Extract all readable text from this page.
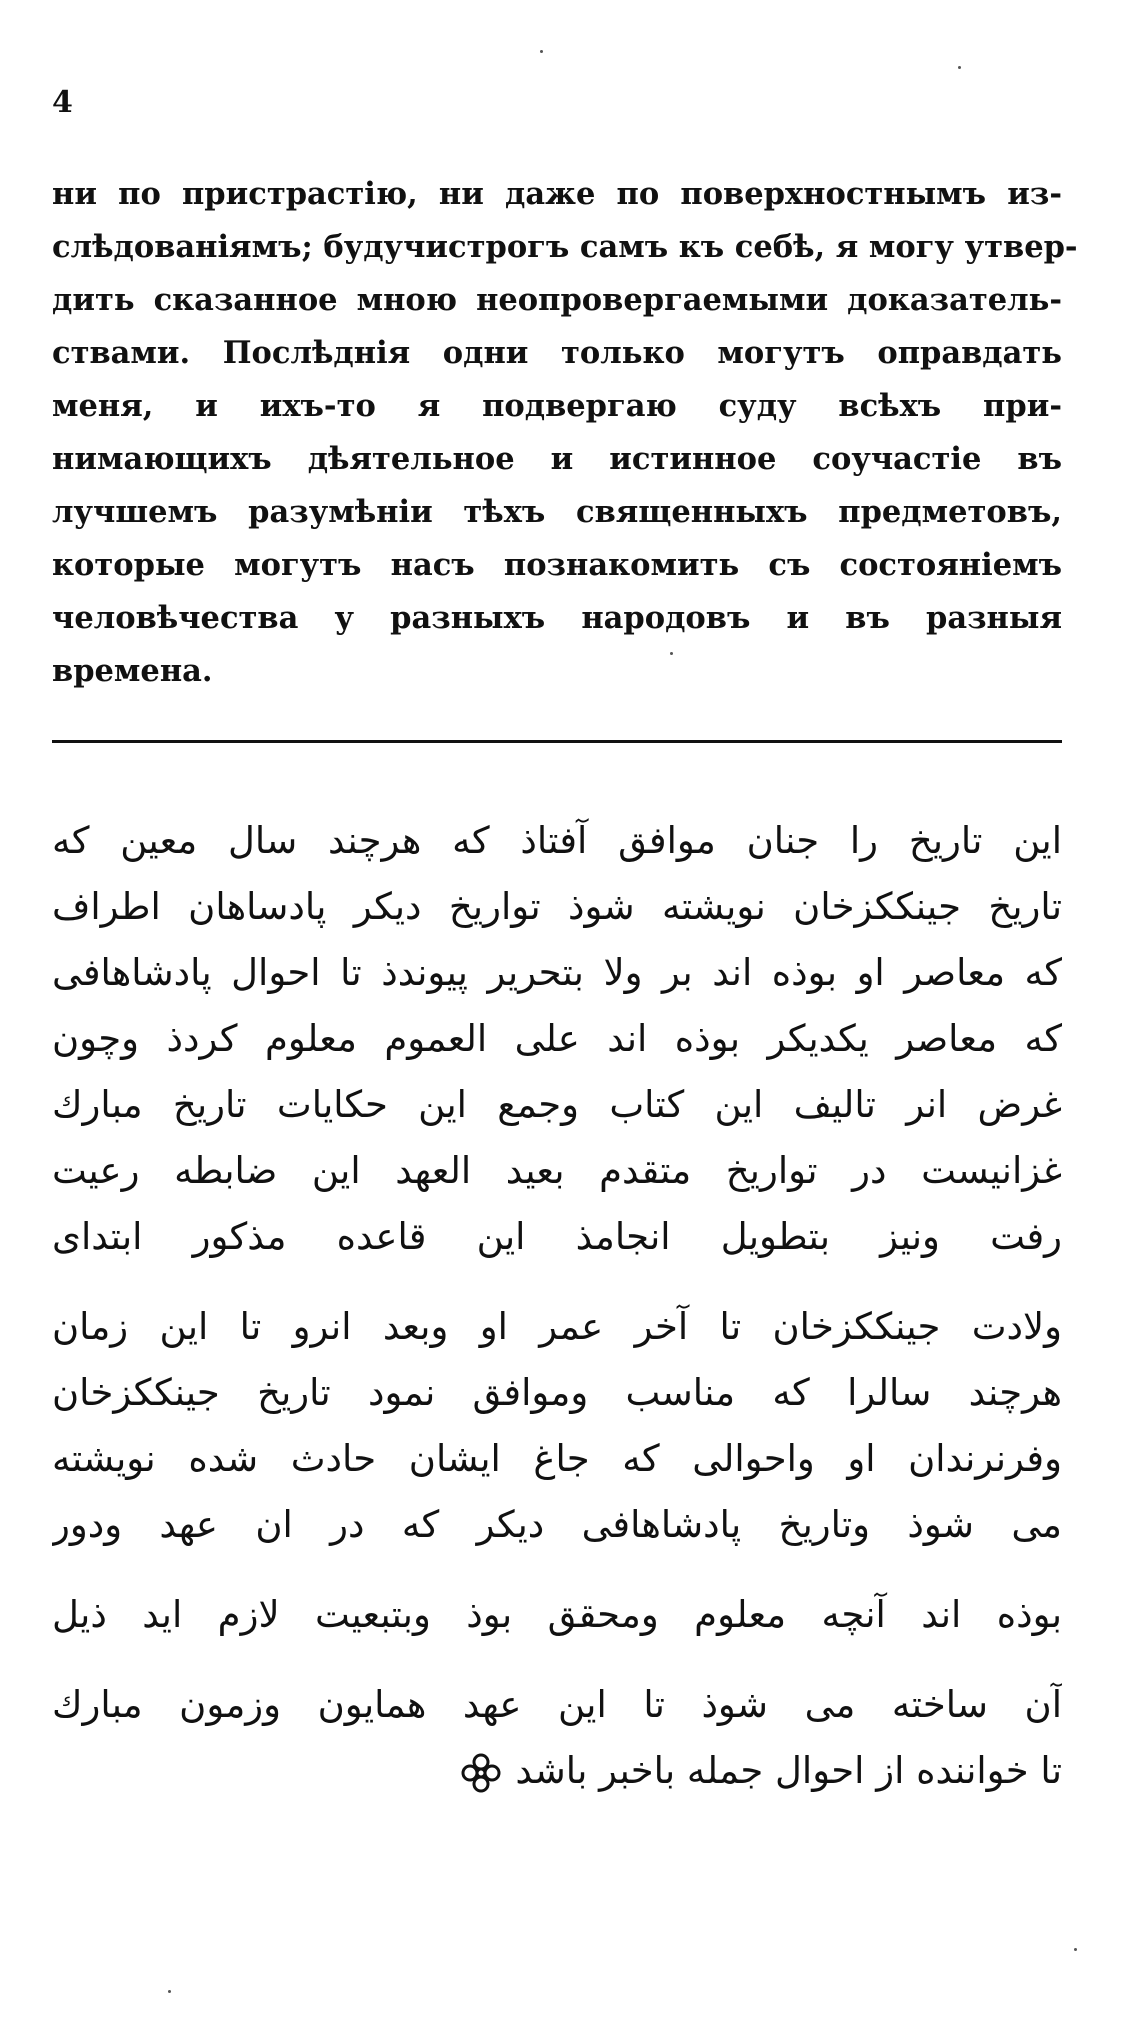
4
ни по пристрастію, ни даже по поверхностнымъ из-
слѣдованіямъ; будучистрогъ самъ къ себѣ, я могу утвер-
дить сказанное мною неопровергаемыми доказатель-
ствами. Послѣднія одни только могутъ оправдать
меня, и ихъ-то я подвергаю суду всѣхъ при-
нимающихъ дѣятельное и истинное соучастіе въ
лучшемъ разумѣніи тѣхъ священныхъ предметовъ,
которые могутъ насъ познакомить съ состояніемъ
человѣчества у разныхъ народовъ и въ разныя
времена.
این تاریخ را جنان موافق آفتاذ که هرچند سال معین که
تاریخ جینککزخان نویشته شوذ تواریخ دیکر پادساهان اطراف
که معاصر او بوذه اند بر ولا بتحریر پیوندذ تا احوال پادشاهافی
که معاصر یکدیکر بوذه اند علی العموم معلوم کردذ وچون
غرض انر تالیف این کتاب وجمع این حکایات تاریخ مبارك
غزانیست در تواریخ متقدم بعید العهد این ضابطه رعیت
رفت ونیز بتطویل انجامذ این قاعده مذکور ابتدای
ولادت جینککزخان تا آخر عمر او وبعد انرو تا این زمان
هرچند سالرا که مناسب وموافق نمود تاریخ جینککزخان
وفرنرندان او واحوالی که جاغ ایشان حادث شده نویشته
می شوذ وتاریخ پادشاهافی دیکر که در ان عهد ودور
بوذه اند آنچه معلوم ومحقق بوذ وبتبعیت لازم اید ذیل
آن ساخته می شوذ تا این عهد همایون وزمون مبارك
تا خواننده از احوال جمله باخبر باشد
